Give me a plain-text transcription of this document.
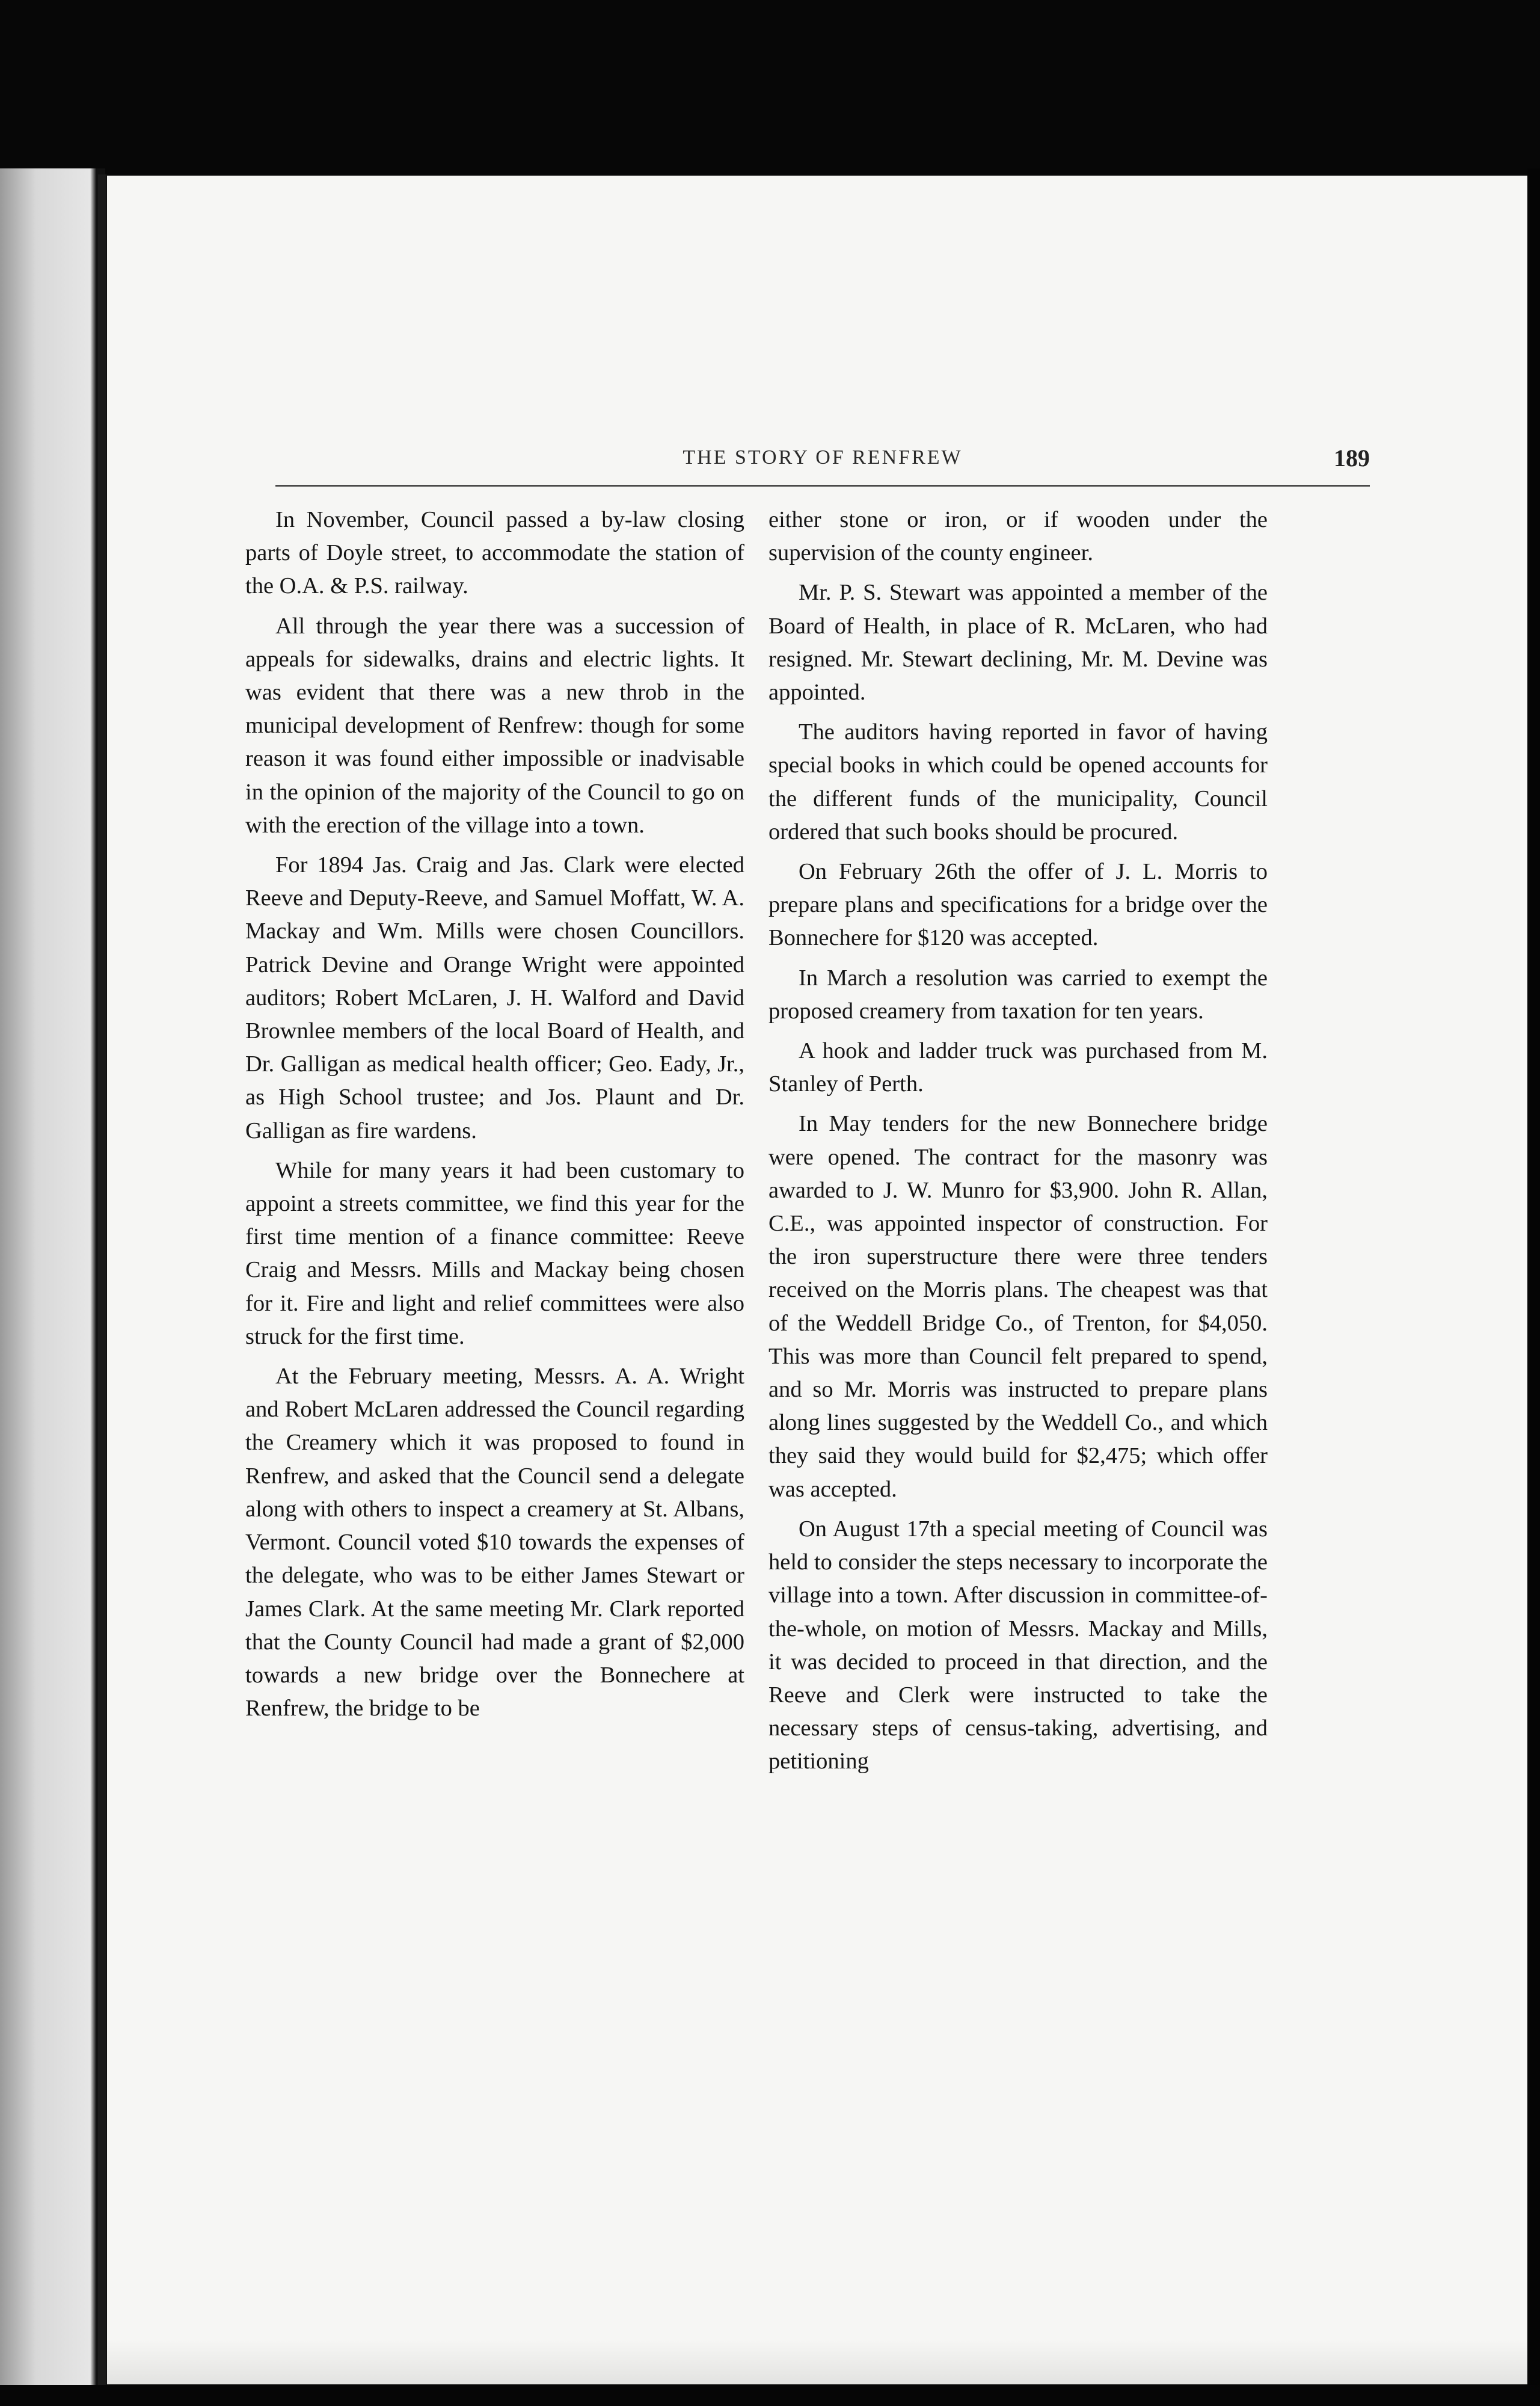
THE STORY OF RENFREW	189

In November, Council passed a by-law closing parts of Doyle street, to accommodate the station of the O.A. & P.S. railway.

All through the year there was a succession of appeals for sidewalks, drains and electric lights. It was evident that there was a new throb in the municipal development of Renfrew: though for some reason it was found either impossible or inadvisable in the opinion of the majority of the Council to go on with the erection of the village into a town.

For 1894 Jas. Craig and Jas. Clark were elected Reeve and Deputy-Reeve, and Samuel Moffatt, W. A. Mackay and Wm. Mills were chosen Councillors. Patrick Devine and Orange Wright were appointed auditors; Robert McLaren, J. H. Walford and David Brownlee members of the local Board of Health, and Dr. Galligan as medical health officer; Geo. Eady, Jr., as High School trustee; and Jos. Plaunt and Dr. Galligan as fire wardens.

While for many years it had been customary to appoint a streets committee, we find this year for the first time mention of a finance committee: Reeve Craig and Messrs. Mills and Mackay being chosen for it. Fire and light and relief committees were also struck for the first time.

At the February meeting, Messrs. A. A. Wright and Robert McLaren addressed the Council regarding the Creamery which it was proposed to found in Renfrew, and asked that the Council send a delegate along with others to inspect a creamery at St. Albans, Vermont. Council voted $10 towards the expenses of the delegate, who was to be either James Stewart or James Clark. At the same meeting Mr. Clark reported that the County Council had made a grant of $2,000 towards a new bridge over the Bonnechere at Renfrew, the bridge to be

either stone or iron, or if wooden under the supervision of the county engineer.

Mr. P. S. Stewart was appointed a member of the Board of Health, in place of R. McLaren, who had resigned. Mr. Stewart declining, Mr. M. Devine was appointed.

The auditors having reported in favor of having special books in which could be opened accounts for the different funds of the municipality, Council ordered that such books should be procured.

On February 26th the offer of J. L. Morris to prepare plans and specifications for a bridge over the Bonnechere for $120 was accepted.

In March a resolution was carried to exempt the proposed creamery from taxation for ten years.

A hook and ladder truck was purchased from M. Stanley of Perth.

In May tenders for the new Bonnechere bridge were opened. The contract for the masonry was awarded to J. W. Munro for $3,900. John R. Allan, C.E., was appointed inspector of construction. For the iron superstructure there were three tenders received on the Morris plans. The cheapest was that of the Weddell Bridge Co., of Trenton, for $4,050. This was more than Council felt prepared to spend, and so Mr. Morris was instructed to prepare plans along lines suggested by the Weddell Co., and which they said they would build for $2,475; which offer was accepted.

On August 17th a special meeting of Council was held to consider the steps necessary to incorporate the village into a town. After discussion in committee-of-the-whole, on motion of Messrs. Mackay and Mills, it was decided to proceed in that direction, and the Reeve and Clerk were instructed to take the necessary steps of census-taking, advertising, and petitioning
